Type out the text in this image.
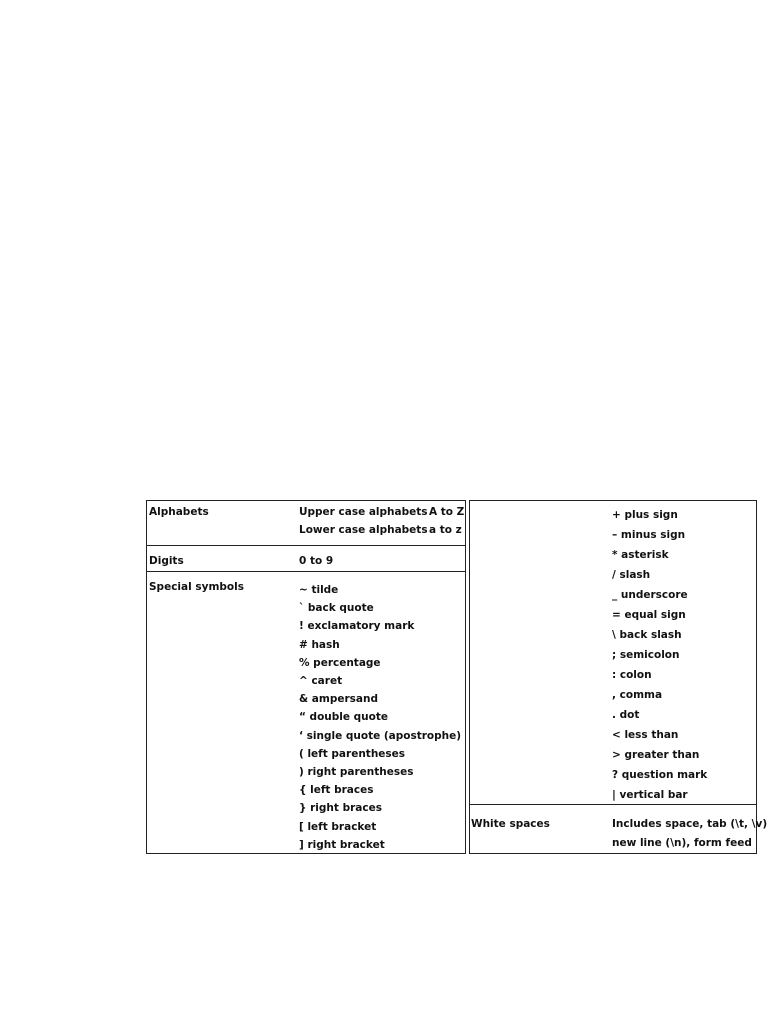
Alphabets	Upper case alphabets A to Z
Lower case alphabets a to z
Digits	0 to 9
Special symbols	~ tilde
` back quote
! exclamatory mark
# hash
% percentage
^ caret
& ampersand
“ double quote
‘ single quote (apostrophe)
( left parentheses
) right parentheses
{ left braces
} right braces
[ left bracket
] right bracket
+ plus sign
– minus sign
* asterisk
/ slash
_ underscore
= equal sign
\ back slash
; semicolon
: colon
, comma
. dot
< less than
> greater than
? question mark
| vertical bar
White spaces	Includes space, tab (\t, \v)
new line (\n), form feed
